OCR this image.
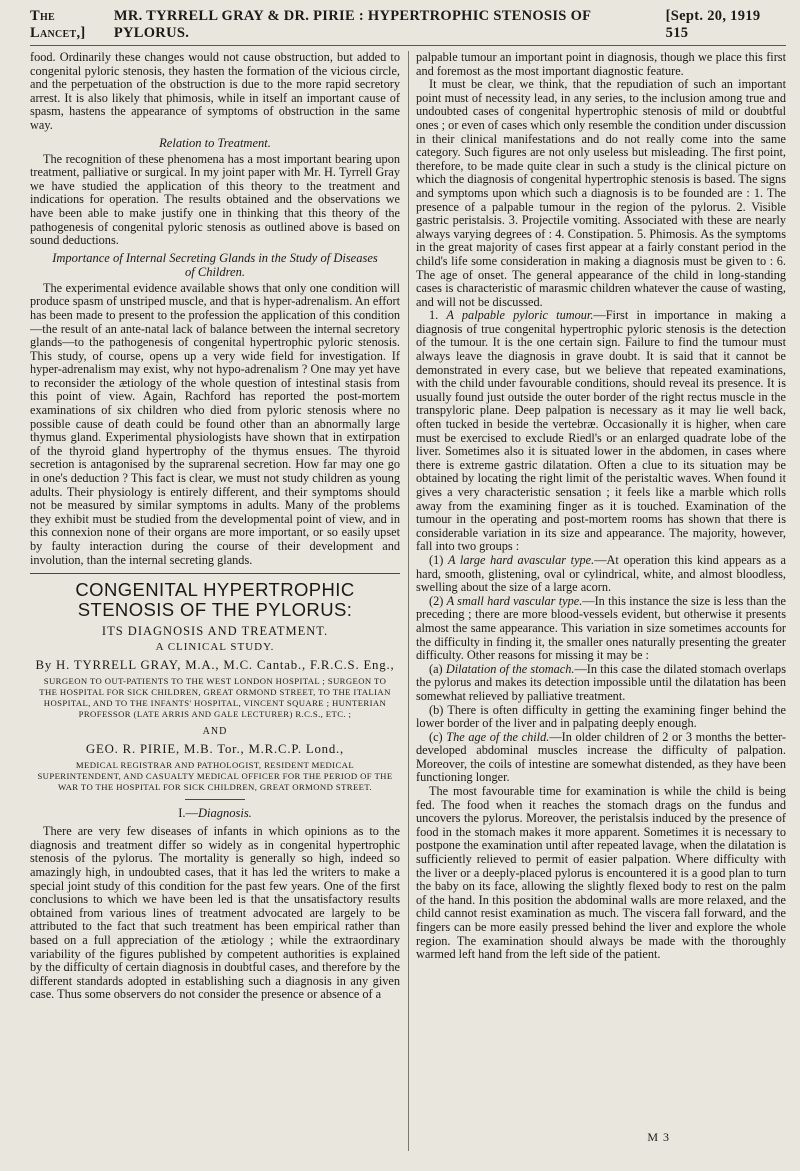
The Lancet,]
MR. TYRRELL GRAY & DR. PIRIE : HYPERTROPHIC STENOSIS OF PYLORUS.
[Sept. 20, 1919 515

food. Ordinarily these changes would not cause obstruction, but added to congenital pyloric stenosis, they hasten the formation of the vicious circle, and the perpetuation of the obstruction is due to the more rapid secretory arrest. It is also likely that phimosis, while in itself an important cause of spasm, hastens the appearance of symptoms of obstruction in the same way.

Relation to Treatment.

The recognition of these phenomena has a most important bearing upon treatment, palliative or surgical. In my joint paper with Mr. H. Tyrrell Gray we have studied the application of this theory to the treatment and indications for operation. The results obtained and the observations we have been able to make justify one in thinking that this theory of the pathogenesis of congenital pyloric stenosis as outlined above is based on sound deductions.

Importance of Internal Secreting Glands in the Study of Diseases of Children.

The experimental evidence available shows that only one condition will produce spasm of unstriped muscle, and that is hyper-adrenalism. An effort has been made to present to the profession the application of this condition—the result of an ante-natal lack of balance between the internal secretory glands—to the pathogenesis of congenital hypertrophic pyloric stenosis. This study, of course, opens up a very wide field for investigation. If hyper-adrenalism may exist, why not hypo-adrenalism ? One may yet have to reconsider the ætiology of the whole question of intestinal stasis from this point of view. Again, Rachford has reported the post-mortem examinations of six children who died from pyloric stenosis where no possible cause of death could be found other than an abnormally large thymus gland. Experimental physiologists have shown that in extirpation of the thyroid gland hypertrophy of the thymus ensues. The thyroid secretion is antagonised by the suprarenal secretion. How far may one go in one's deduction ? This fact is clear, we must not study children as young adults. Their physiology is entirely different, and their symptoms should not be measured by similar symptoms in adults. Many of the problems they exhibit must be studied from the developmental point of view, and in this connexion none of their organs are more important, or so easily upset by faulty interaction during the course of their development and involution, than the internal secreting glands.

CONGENITAL HYPERTROPHIC STENOSIS OF THE PYLORUS:
ITS DIAGNOSIS AND TREATMENT.
A CLINICAL STUDY.
By H. TYRRELL GRAY, M.A., M.C. Cantab., F.R.C.S. Eng.,
SURGEON TO OUT-PATIENTS TO THE WEST LONDON HOSPITAL ; SURGEON TO THE HOSPITAL FOR SICK CHILDREN, GREAT ORMOND STREET, TO THE ITALIAN HOSPITAL, AND TO THE INFANTS' HOSPITAL, VINCENT SQUARE ; HUNTERIAN PROFESSOR (LATE ARRIS AND GALE LECTURER) R.C.S., ETC. ;
AND
GEO. R. PIRIE, M.B. Tor., M.R.C.P. Lond.,
MEDICAL REGISTRAR AND PATHOLOGIST, RESIDENT MEDICAL SUPERINTENDENT, AND CASUALTY MEDICAL OFFICER FOR THE PERIOD OF THE WAR TO THE HOSPITAL FOR SICK CHILDREN, GREAT ORMOND STREET.
I.—Diagnosis.

There are very few diseases of infants in which opinions as to the diagnosis and treatment differ so widely as in congenital hypertrophic stenosis of the pylorus. The mortality is generally so high, indeed so amazingly high, in undoubted cases, that it has led the writers to make a special joint study of this condition for the past few years. One of the first conclusions to which we have been led is that the unsatisfactory results obtained from various lines of treatment advocated are largely to be attributed to the fact that such treatment has been empirical rather than based on a full appreciation of the ætiology ; while the extraordinary variability of the figures published by competent authorities is explained by the difficulty of certain diagnosis in doubtful cases, and therefore by the different standards adopted in establishing such a diagnosis in any given case. Thus some observers do not consider the presence or absence of a

palpable tumour an important point in diagnosis, though we place this first and foremost as the most important diagnostic feature.

It must be clear, we think, that the repudiation of such an important point must of necessity lead, in any series, to the inclusion among true and undoubted cases of congenital hypertrophic stenosis of mild or doubtful ones ; or even of cases which only resemble the condition under discussion in their clinical manifestations and do not really come into the same category. Such figures are not only useless but misleading. The first point, therefore, to be made quite clear in such a study is the clinical picture on which the diagnosis of congenital hypertrophic stenosis is based. The signs and symptoms upon which such a diagnosis is to be founded are : 1. The presence of a palpable tumour in the region of the pylorus. 2. Visible gastric peristalsis. 3. Projectile vomiting. Associated with these are nearly always varying degrees of : 4. Constipation. 5. Phimosis. As the symptoms in the great majority of cases first appear at a fairly constant period in the child's life some consideration in making a diagnosis must be given to : 6. The age of onset. The general appearance of the child in long-standing cases is characteristic of marasmic children whatever the cause of wasting, and will not be discussed.

1. A palpable pyloric tumour.—First in importance in making a diagnosis of true congenital hypertrophic pyloric stenosis is the detection of the tumour. It is the one certain sign. Failure to find the tumour must always leave the diagnosis in grave doubt. It is said that it cannot be demonstrated in every case, but we believe that repeated examinations, with the child under favourable conditions, should reveal its presence. It is usually found just outside the outer border of the right rectus muscle in the transpyloric plane. Deep palpation is necessary as it may lie well back, often tucked in beside the vertebræ. Occasionally it is higher, when care must be exercised to exclude Riedl's or an enlarged quadrate lobe of the liver. Sometimes also it is situated lower in the abdomen, in cases where there is extreme gastric dilatation. Often a clue to its situation may be obtained by locating the right limit of the peristaltic waves. When found it gives a very characteristic sensation ; it feels like a marble which rolls away from the examining finger as it is touched. Examination of the tumour in the operating and post-mortem rooms has shown that there is considerable variation in its size and appearance. The majority, however, fall into two groups :

(1) A large hard avascular type.—At operation this kind appears as a hard, smooth, glistening, oval or cylindrical, white, and almost bloodless, swelling about the size of a large acorn.

(2) A small hard vascular type.—In this instance the size is less than the preceding ; there are more blood-vessels evident, but otherwise it presents almost the same appearance. This variation in size sometimes accounts for the difficulty in finding it, the smaller ones naturally presenting the greater difficulty. Other reasons for missing it may be :

(a) Dilatation of the stomach.—In this case the dilated stomach overlaps the pylorus and makes its detection impossible until the dilatation has been somewhat relieved by palliative treatment.

(b) There is often difficulty in getting the examining finger behind the lower border of the liver and in palpating deeply enough.

(c) The age of the child.—In older children of 2 or 3 months the better-developed abdominal muscles increase the difficulty of palpation. Moreover, the coils of intestine are somewhat distended, as they have been functioning longer.

The most favourable time for examination is while the child is being fed. The food when it reaches the stomach drags on the fundus and uncovers the pylorus. Moreover, the peristalsis induced by the presence of food in the stomach makes it more apparent. Sometimes it is necessary to postpone the examination until after repeated lavage, when the dilatation is sufficiently relieved to permit of easier palpation. Where difficulty with the liver or a deeply-placed pylorus is encountered it is a good plan to turn the baby on its face, allowing the slightly flexed body to rest on the palm of the hand. In this position the abdominal walls are more relaxed, and the child cannot resist examination as much. The viscera fall forward, and the fingers can be more easily pressed behind the liver and explore the whole region. The examination should always be made with the thoroughly warmed left hand from the left side of the patient.

M 3
